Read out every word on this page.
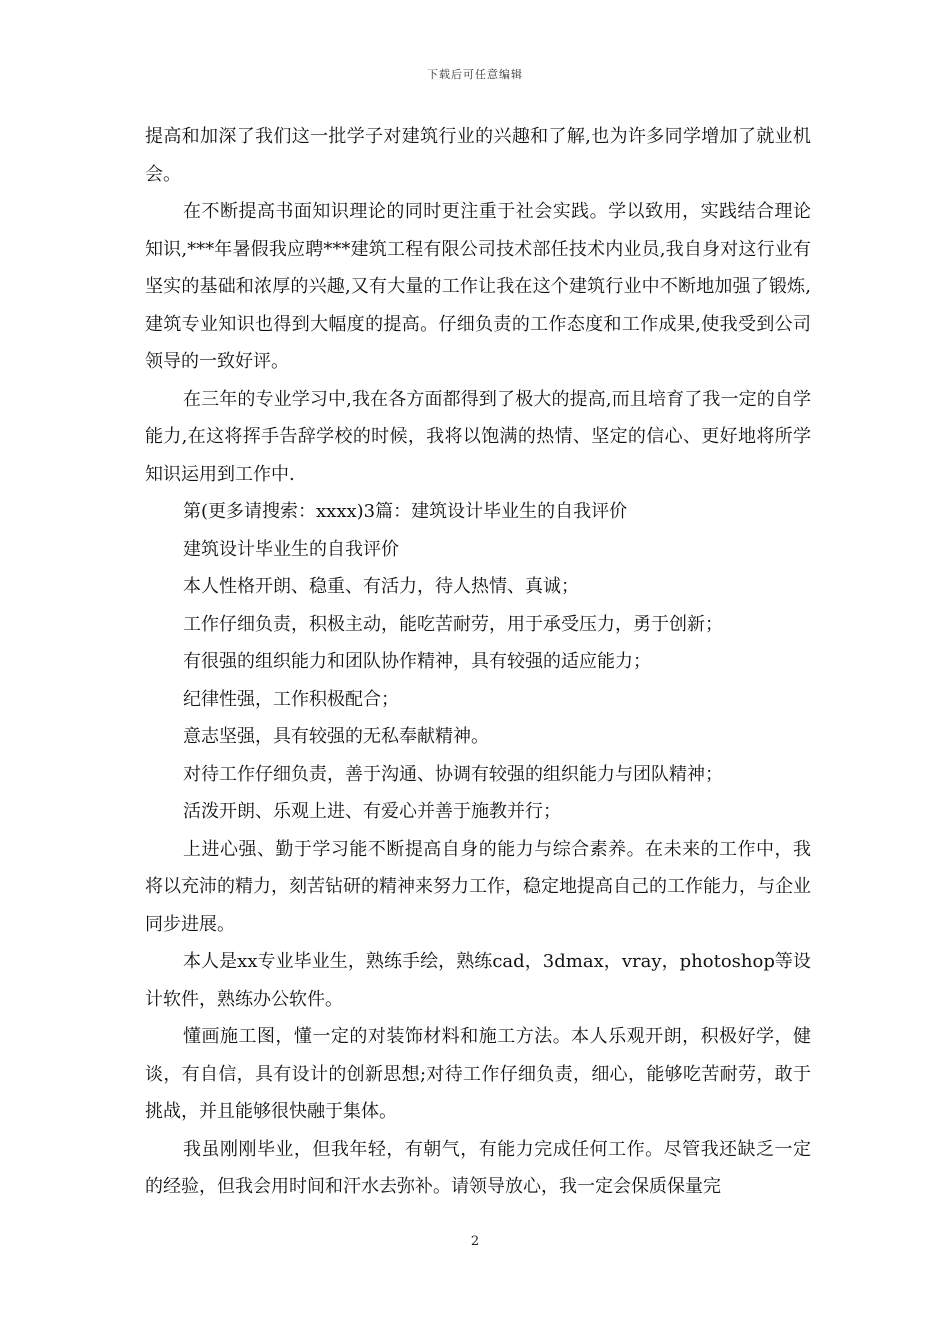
下载后可任意编辑

提高和加深了我们这一批学子对建筑行业的兴趣和了解,也为许多同学增加了就业机会。

在不断提高书面知识理论的同时更注重于社会实践。学以致用，实践结合理论知识,***年暑假我应聘***建筑工程有限公司技术部任技术内业员,我自身对这行业有坚实的基础和浓厚的兴趣,又有大量的工作让我在这个建筑行业中不断地加强了锻炼,建筑专业知识也得到大幅度的提高。仔细负责的工作态度和工作成果,使我受到公司领导的一致好评。

在三年的专业学习中,我在各方面都得到了极大的提高,而且培育了我一定的自学能力,在这将挥手告辞学校的时候，我将以饱满的热情、坚定的信心、更好地将所学知识运用到工作中.

第(更多请搜索：xxxx)3篇：建筑设计毕业生的自我评价

建筑设计毕业生的自我评价

本人性格开朗、稳重、有活力，待人热情、真诚；

工作仔细负责，积极主动，能吃苦耐劳，用于承受压力，勇于创新；

有很强的组织能力和团队协作精神，具有较强的适应能力；

纪律性强，工作积极配合；

意志坚强，具有较强的无私奉献精神。

对待工作仔细负责，善于沟通、协调有较强的组织能力与团队精神；

活泼开朗、乐观上进、有爱心并善于施教并行；

上进心强、勤于学习能不断提高自身的能力与综合素养。在未来的工作中，我将以充沛的精力，刻苦钻研的精神来努力工作，稳定地提高自己的工作能力，与企业同步进展。

本人是xx专业毕业生，熟练手绘，熟练cad，3dmax，vray，photoshop等设计软件，熟练办公软件。

懂画施工图，懂一定的对装饰材料和施工方法。本人乐观开朗，积极好学，健谈，有自信，具有设计的创新思想;对待工作仔细负责，细心，能够吃苦耐劳，敢于挑战，并且能够很快融于集体。

我虽刚刚毕业，但我年轻，有朝气，有能力完成任何工作。尽管我还缺乏一定的经验，但我会用时间和汗水去弥补。请领导放心，我一定会保质保量完

2
